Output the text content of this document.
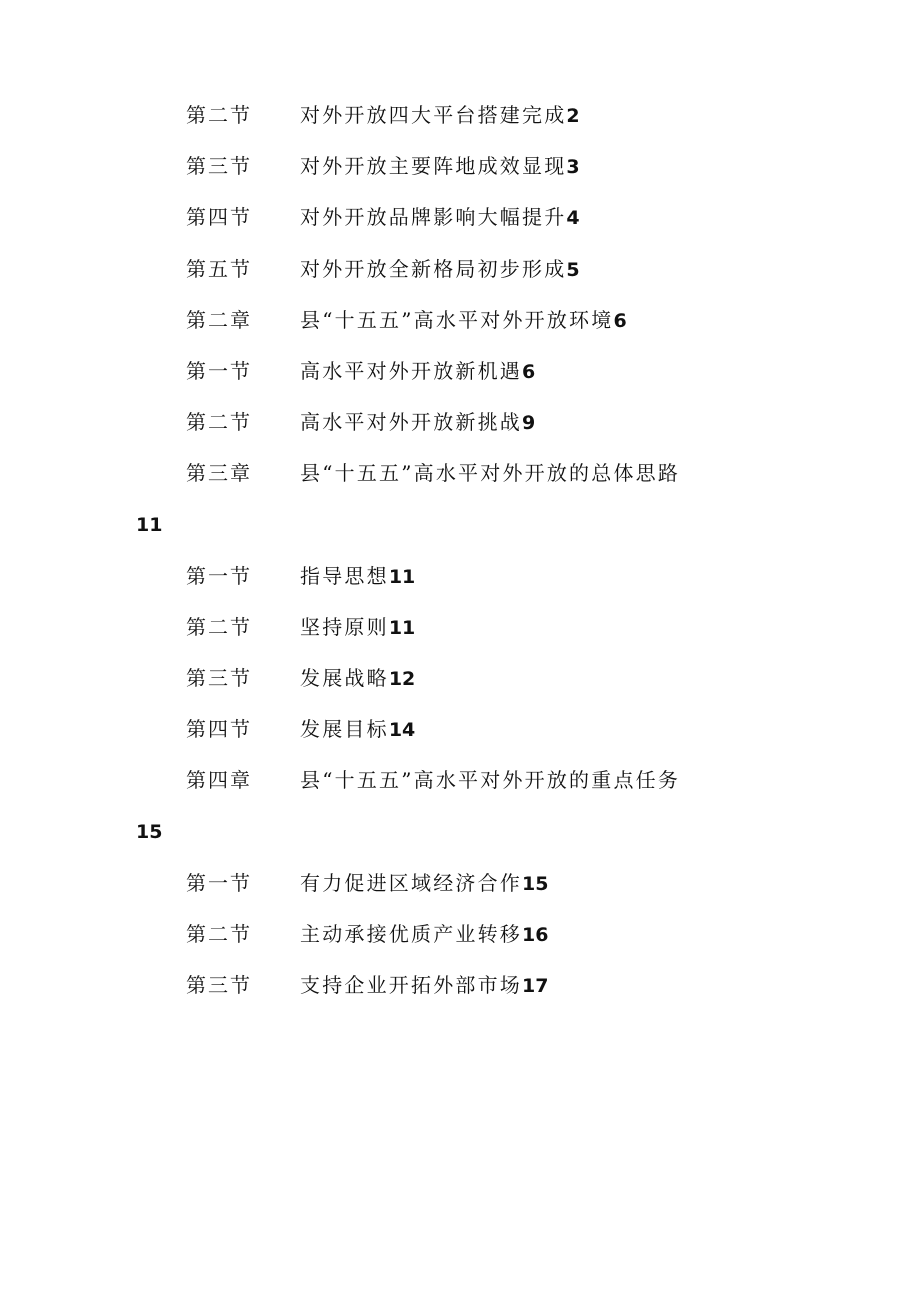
第二节 对外开放四大平台搭建完成2
第三节 对外开放主要阵地成效显现3
第四节 对外开放品牌影响大幅提升4
第五节 对外开放全新格局初步形成5
第二章 县“十五五”高水平对外开放环境6
第一节 高水平对外开放新机遇6
第二节 高水平对外开放新挑战9
第三章 县“十五五”高水平对外开放的总体思路
11
第一节 指导思想11
第二节 坚持原则11
第三节 发展战略12
第四节 发展目标14
第四章 县“十五五”高水平对外开放的重点任务
15
第一节 有力促进区域经济合作15
第二节 主动承接优质产业转移16
第三节 支持企业开拓外部市场17
